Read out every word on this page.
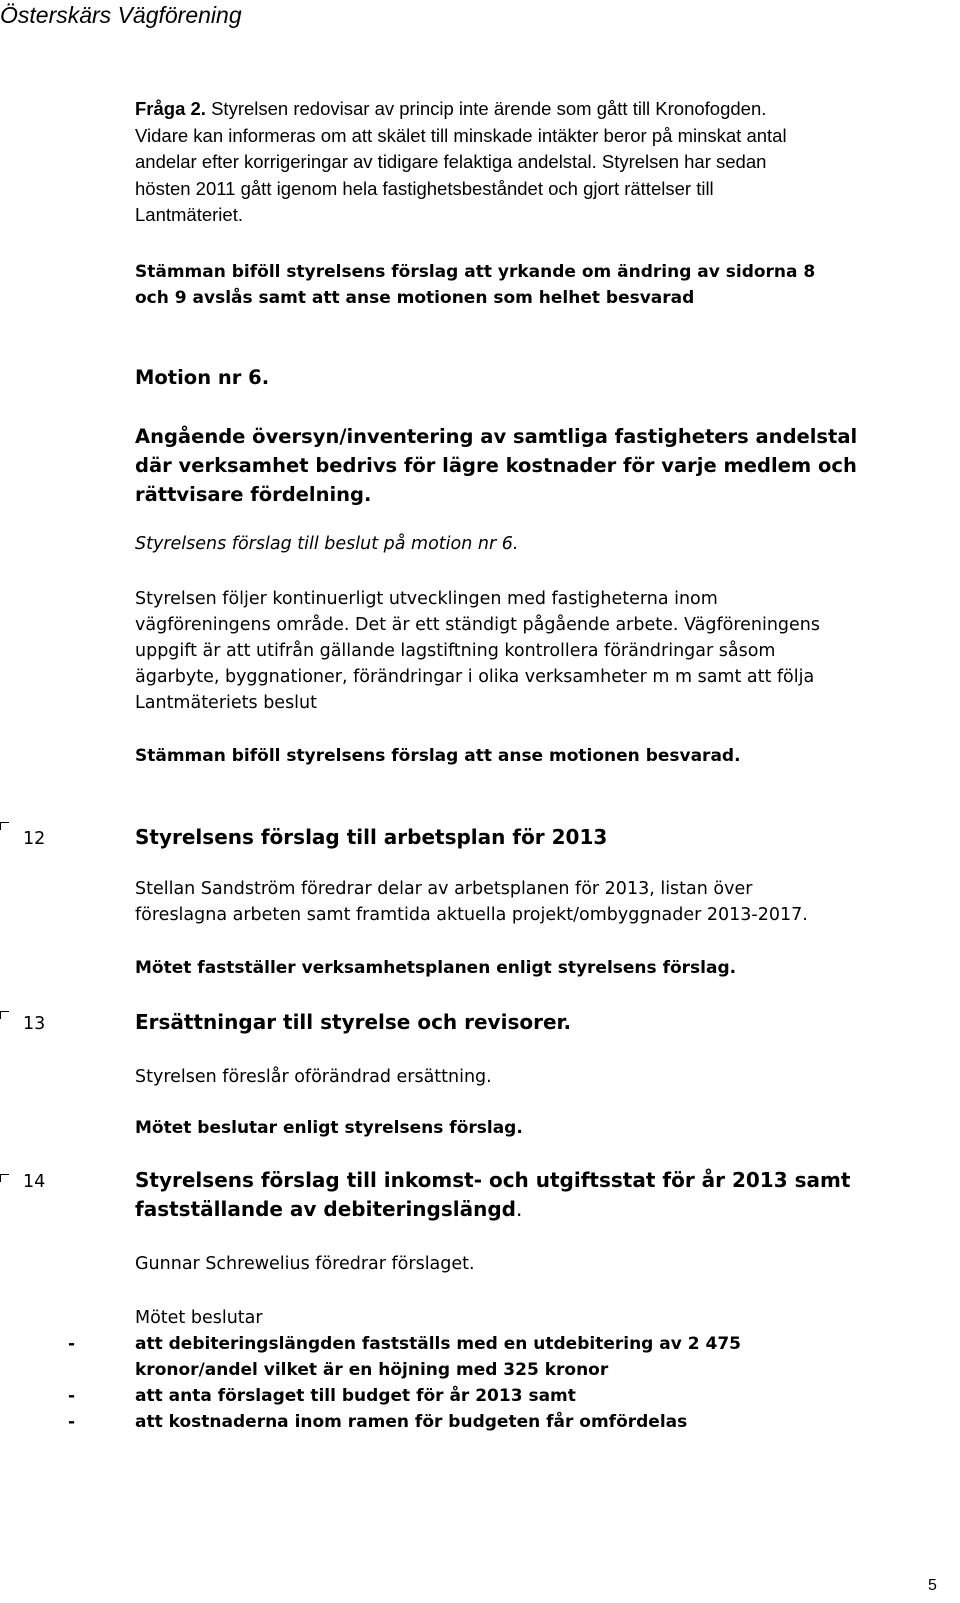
Österskärs Vägförening
Fråga 2. Styrelsen redovisar av princip inte ärende som gått till Kronofogden.
Vidare kan informeras om att skälet till minskade intäkter beror på minskat antal
andelar efter korrigeringar av tidigare felaktiga andelstal. Styrelsen har sedan
hösten 2011 gått igenom hela fastighetsbeståndet och gjort rättelser till
Lantmäteriet.
Stämman biföll styrelsens förslag att yrkande om ändring av sidorna 8
och 9 avslås samt att anse motionen som helhet besvarad
Motion nr 6.
Angående översyn/inventering av samtliga fastigheters andelstal
där verksamhet bedrivs för lägre kostnader för varje medlem och
rättvisare fördelning.
Styrelsens förslag till beslut på motion nr 6.
Styrelsen följer kontinuerligt utvecklingen med fastigheterna inom
vägföreningens område. Det är ett ständigt pågående arbete. Vägföreningens
uppgift är att utifrån gällande lagstiftning kontrollera förändringar såsom
ägarbyte, byggnationer, förändringar i olika verksamheter m m samt att följa
Lantmäteriets beslut
Stämman biföll styrelsens förslag att anse motionen besvarad.
12	Styrelsens förslag till arbetsplan för 2013
Stellan Sandström föredrar delar av arbetsplanen för 2013, listan över
föreslagna arbeten samt framtida aktuella projekt/ombyggnader 2013-2017.
Mötet fastställer verksamhetsplanen enligt styrelsens förslag.
13	Ersättningar till styrelse och revisorer.
Styrelsen föreslår oförändrad ersättning.
Mötet beslutar enligt styrelsens förslag.
14	Styrelsens förslag till inkomst- och utgiftsstat för år 2013 samt
fastställande av debiteringslängd.
Gunnar Schrewelius föredrar förslaget.
Mötet beslutar
-	att debiteringslängden fastställs med en utdebitering av 2 475
kronor/andel vilket är en höjning med 325 kronor
-	att anta förslaget till budget för år 2013 samt
-	att kostnaderna inom ramen för budgeten får omfördelas
5
